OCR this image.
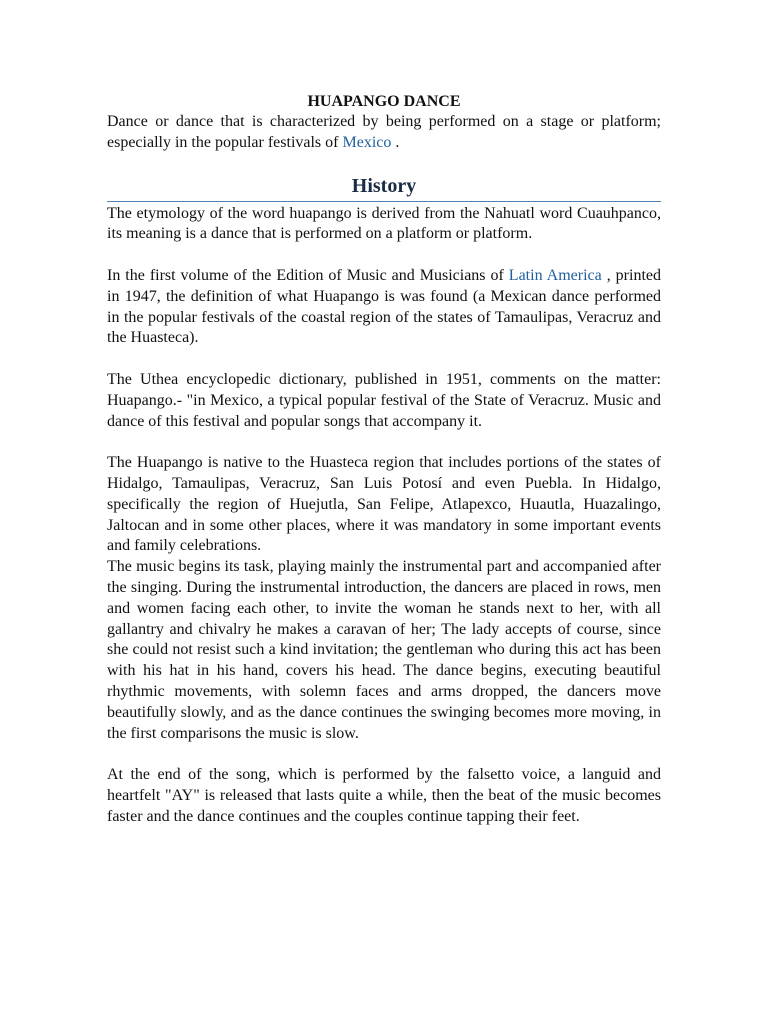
HUAPANGO DANCE

Dance or dance that is characterized by being performed on a stage or platform; especially in the popular festivals of Mexico .

History

The etymology of the word huapango is derived from the Nahuatl word Cuauhpanco, its meaning is a dance that is performed on a platform or platform.

In the first volume of the Edition of Music and Musicians of Latin America , printed in 1947, the definition of what Huapango is was found (a Mexican dance performed in the popular festivals of the coastal region of the states of Tamaulipas, Veracruz and the Huasteca).

The Uthea encyclopedic dictionary, published in 1951, comments on the matter: Huapango.- "in Mexico, a typical popular festival of the State of Veracruz. Music and dance of this festival and popular songs that accompany it.

The Huapango is native to the Huasteca region that includes portions of the states of Hidalgo, Tamaulipas, Veracruz, San Luis Potosí and even Puebla. In Hidalgo, specifically the region of Huejutla, San Felipe, Atlapexco, Huautla, Huazalingo, Jaltocan and in some other places, where it was mandatory in some important events and family celebrations.

The music begins its task, playing mainly the instrumental part and accompanied after the singing. During the instrumental introduction, the dancers are placed in rows, men and women facing each other, to invite the woman he stands next to her, with all gallantry and chivalry he makes a caravan of her; The lady accepts of course, since she could not resist such a kind invitation; the gentleman who during this act has been with his hat in his hand, covers his head. The dance begins, executing beautiful rhythmic movements, with solemn faces and arms dropped, the dancers move beautifully slowly, and as the dance continues the swinging becomes more moving, in the first comparisons the music is slow.

At the end of the song, which is performed by the falsetto voice, a languid and heartfelt "AY" is released that lasts quite a while, then the beat of the music becomes faster and the dance continues and the couples continue tapping their feet.
